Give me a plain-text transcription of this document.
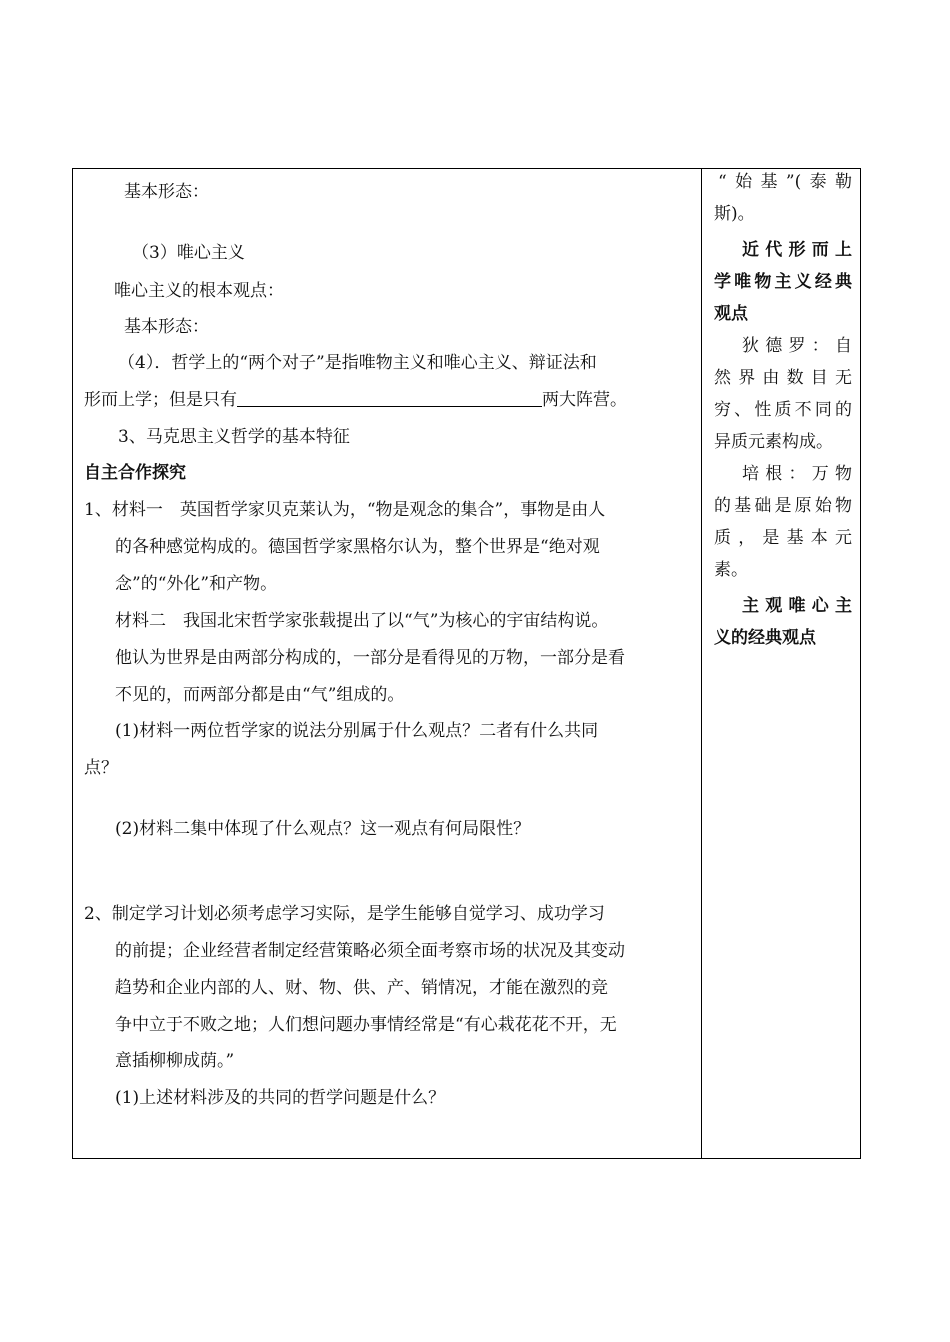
基本形态：
（3）唯心主义
唯心主义的根本观点：
基本形态：
（4）．哲学上的“两个对子”是指唯物主义和唯心主义、辩证法和
形而上学；但是只有	两大阵营。
3、马克思主义哲学的基本特征
自主合作探究
1、材料一　英国哲学家贝克莱认为，“物是观念的集合”，事物是由人
的各种感觉构成的。德国哲学家黑格尔认为，整个世界是“绝对观
念”的“外化”和产物。
材料二　我国北宋哲学家张载提出了以“气”为核心的宇宙结构说。
他认为世界是由两部分构成的，一部分是看得见的万物，一部分是看
不见的，而两部分都是由“气”组成的。
(1)材料一两位哲学家的说法分别属于什么观点？二者有什么共同
点？
(2)材料二集中体现了什么观点？这一观点有何局限性？
2、制定学习计划必须考虑学习实际，是学生能够自觉学习、成功学习
的前提；企业经营者制定经营策略必须全面考察市场的状况及其变动
趋势和企业内部的人、财、物、供、产、销情况，才能在激烈的竞
争中立于不败之地；人们想问题办事情经常是“有心栽花花不开，无
意插柳柳成荫。”
(1)上述材料涉及的共同的哲学问题是什么？
“始基”(泰勒
斯)。
近代形而上
学唯物主义经典
观点
狄德罗：自
然界由数目无
穷、性质不同的
异质元素构成。
培根：万物
的基础是原始物
质，是基本元
素。
主观唯心主
义的经典观点
